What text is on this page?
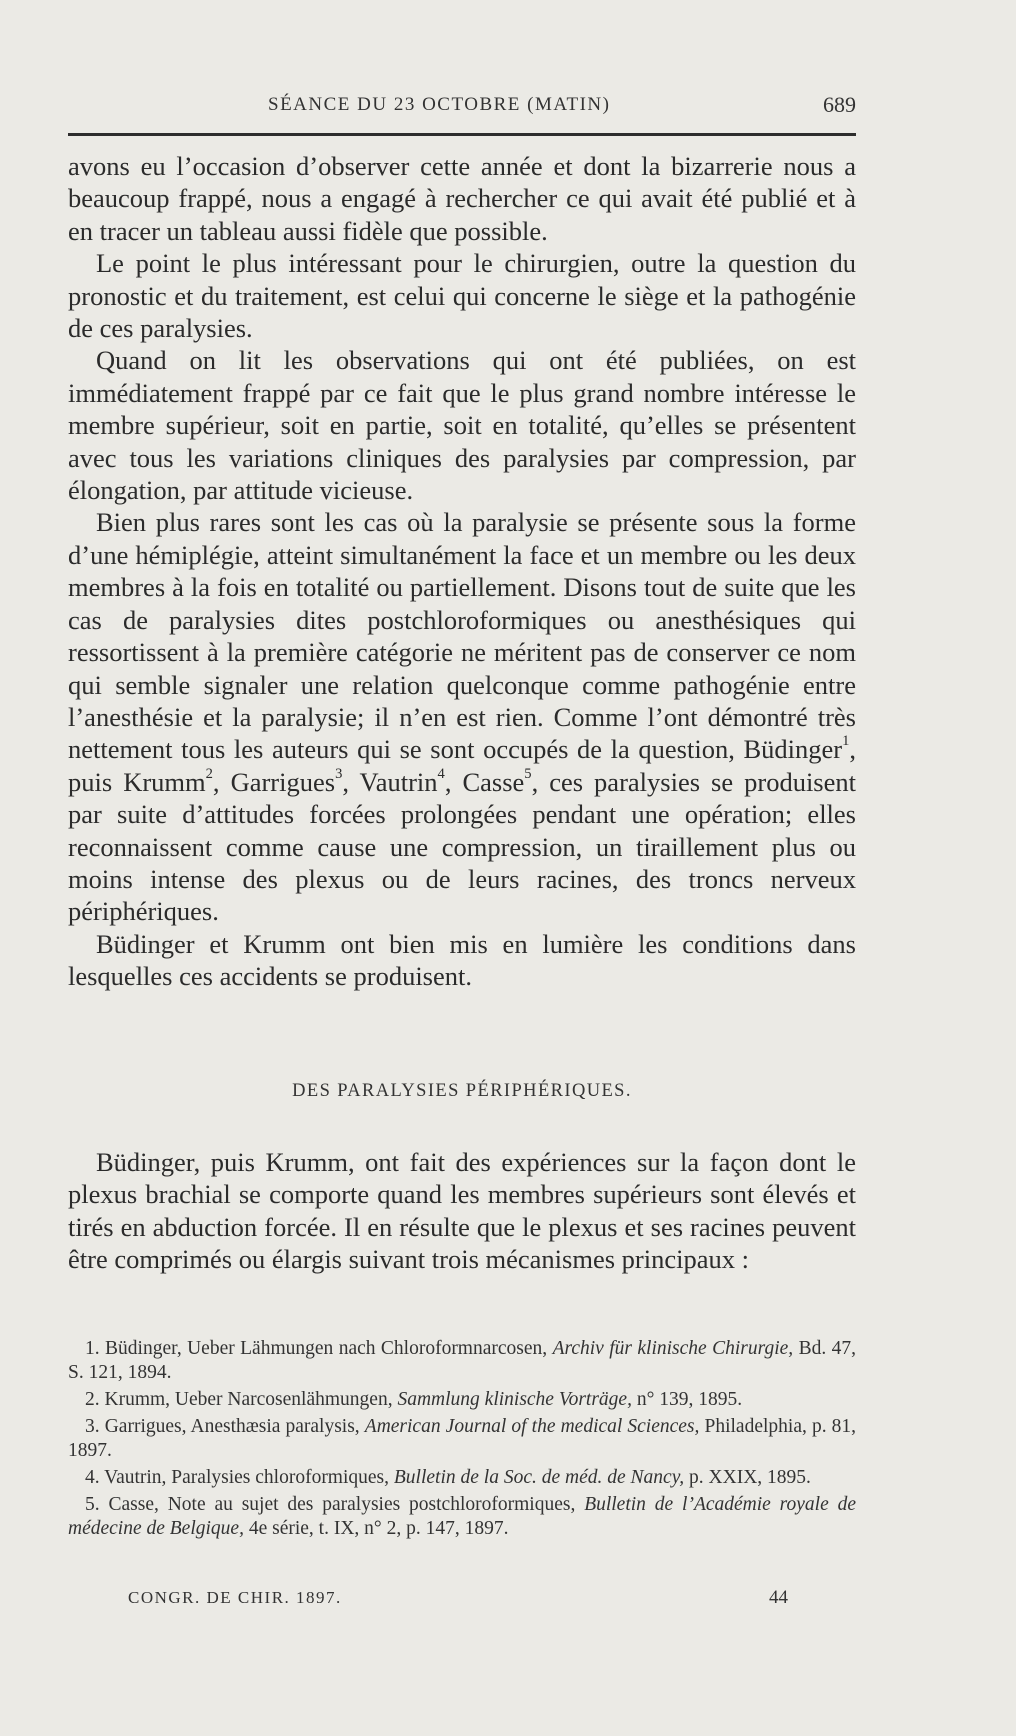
SÉANCE DU 23 OCTOBRE (MATIN)	689

avons eu l’occasion d’observer cette année et dont la bizarrerie nous a beaucoup frappé, nous a engagé à rechercher ce qui avait été publié et à en tracer un tableau aussi fidèle que possible.

Le point le plus intéressant pour le chirurgien, outre la question du pronostic et du traitement, est celui qui concerne le siège et la pathogénie de ces paralysies.

Quand on lit les observations qui ont été publiées, on est immédiatement frappé par ce fait que le plus grand nombre intéresse le membre supérieur, soit en partie, soit en totalité, qu’elles se présentent avec tous les variations cliniques des paralysies par compression, par élongation, par attitude vicieuse.

Bien plus rares sont les cas où la paralysie se présente sous la forme d’une hémiplégie, atteint simultanément la face et un membre ou les deux membres à la fois en totalité ou partiellement. Disons tout de suite que les cas de paralysies dites postchloroformiques ou anesthésiques qui ressortissent à la première catégorie ne méritent pas de conserver ce nom qui semble signaler une relation quelconque comme pathogénie entre l’anesthésie et la paralysie; il n’en est rien. Comme l’ont démontré très nettement tous les auteurs qui se sont occupés de la question, Büdinger$^1$, puis Krumm$^2$, Garrigues$^3$, Vautrin$^4$, Casse$^5$, ces paralysies se produisent par suite d’attitudes forcées prolongées pendant une opération; elles reconnaissent comme cause une compression, un tiraillement plus ou moins intense des plexus ou de leurs racines, des troncs nerveux périphériques.

Büdinger et Krumm ont bien mis en lumière les conditions dans lesquelles ces accidents se produisent.

DES PARALYSIES PÉRIPHÉRIQUES.

Büdinger, puis Krumm, ont fait des expériences sur la façon dont le plexus brachial se comporte quand les membres supérieurs sont élevés et tirés en abduction forcée. Il en résulte que le plexus et ses racines peuvent être comprimés ou élargis suivant trois mécanismes principaux :

1. Büdinger, Ueber Lähmungen nach Chloroformnarcosen, Archiv für klinische Chirurgie, Bd. 47, S. 121, 1894.

2. Krumm, Ueber Narcosenlähmungen, Sammlung klinische Vorträge, n° 139, 1895.

3. Garrigues, Anesthæsia paralysis, American Journal of the medical Sciences, Philadelphia, p. 81, 1897.

4. Vautrin, Paralysies chloroformiques, Bulletin de la Soc. de méd. de Nancy, p. XXIX, 1895.

5. Casse, Note au sujet des paralysies postchloroformiques, Bulletin de l’Académie royale de médecine de Belgique, 4e série, t. IX, n° 2, p. 147, 1897.

CONGR. DE CHIR. 1897.	44
